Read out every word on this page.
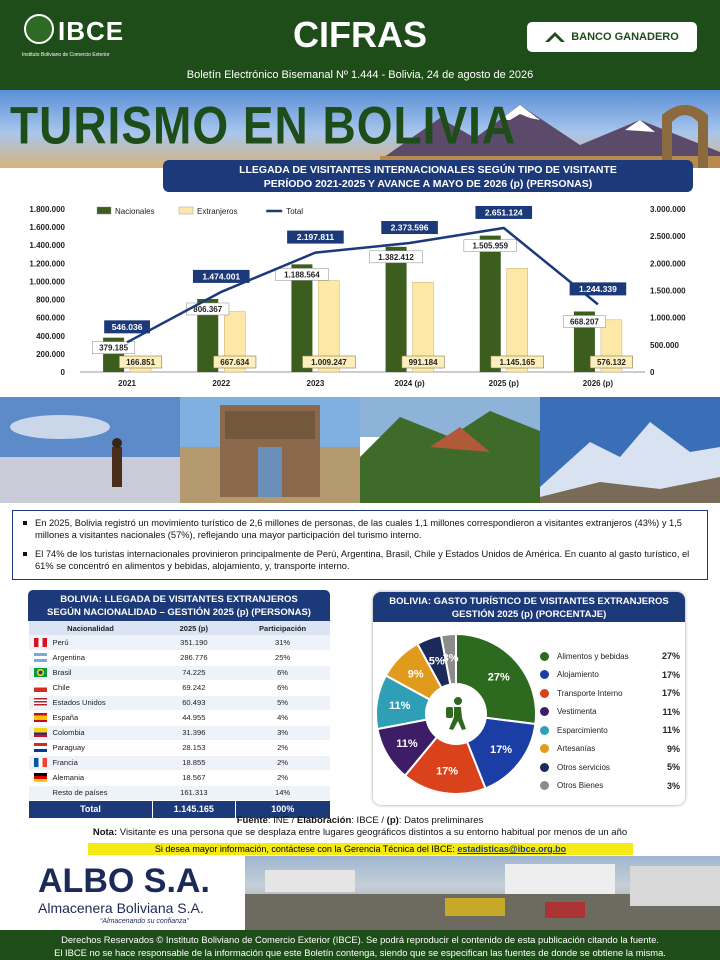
IBCE
Instituto Boliviano de Comercio Exterior	CIFRAS	BANCO GANADERO
Boletín Electrónico Bisemanal Nº 1.444 - Bolivia, 24 de agosto de 2026
TURISMO EN BOLIVIA
LLEGADA DE VISITANTES INTERNACIONALES SEGÚN TIPO DE VISITANTE
PERÍODO 2021-2025 Y AVANCE A MAYO DE 2026 (p) (PERSONAS)
0
200.000
400.000
600.000
800.000
1.000.000
1.200.000
1.400.000
1.600.000
1.800.000
0
500.000
1.000.000
1.500.000
2.000.000
2.500.000
3.000.000
2021
379.185
166.851
2022
806.367
667.634
2023
1.188.564
1.009.247
2024 (p)
1.382.412
991.184
2025 (p)
1.505.959
1.145.165
2026 (p)
668.207
576.132
546.036
1.474.001
2.197.811
2.373.596
2.651.124
1.244.339
Nacionales	Extranjeros	Total
En 2025, Bolivia registró un movimiento turístico de 2,6 millones de personas, de las cuales 1,1 millones correspondieron a visitantes extranjeros (43%) y 1,5 millones a visitantes nacionales (57%), reflejando una mayor participación del turismo interno.
El 74% de los turistas internacionales provinieron principalmente de Perú, Argentina, Brasil, Chile y Estados Unidos de América. En cuanto al gasto turístico, el 61% se concentró en alimentos y bebidas, alojamiento, y, transporte interno.
BOLIVIA: LLEGADA DE VISITANTES EXTRANJEROS
SEGÚN NACIONALIDAD – GESTIÓN 2025 (p) (PERSONAS)
Nacionalidad		2025 (p)	Participación
	Perú	351.190	31%
	Argentina	286.776	25%
	Brasil	74.225	6%
	Chile	69.242	6%
	Estados Unidos	60.493	5%
	España	44.955	4%
	Colombia	31.396	3%
	Paraguay	28.153	2%
	Francia	18.855	2%
	Alemania	18.567	2%
	Resto de países	161.313	14%
Total		1.145.165	100%
BOLIVIA: GASTO TURÍSTICO DE VISITANTES EXTRANJEROS
GESTIÓN 2025 (p) (PORCENTAJE)
27%
17%
17%
11%
11%
9%
5%
3%	Alimentos y bebidas	27%
Alojamiento	17%
Transporte Interno	17%
Vestimenta	11%
Esparcimiento	11%
Artesanías	9%
Otros servicios	5%
Otros Bienes	3%
Fuente: INE / Elaboración: IBCE / (p): Datos preliminares
Nota: Visitante es una persona que se desplaza entre lugares geográficos distintos a su entorno habitual por menos de un año
Si desea mayor información, contáctese con la Gerencia Técnica del IBCE: estadisticas@ibce.org.bo
ALBO S.A.
Almacenera Boliviana S.A.
“Almacenando su confianza”
Derechos Reservados © Instituto Boliviano de Comercio Exterior (IBCE). Se podrá reproducir el contenido de esta publicación citando la fuente.
El IBCE no se hace responsable de la información que este Boletín contenga, siendo que se especifican las fuentes de donde se obtiene la misma.
